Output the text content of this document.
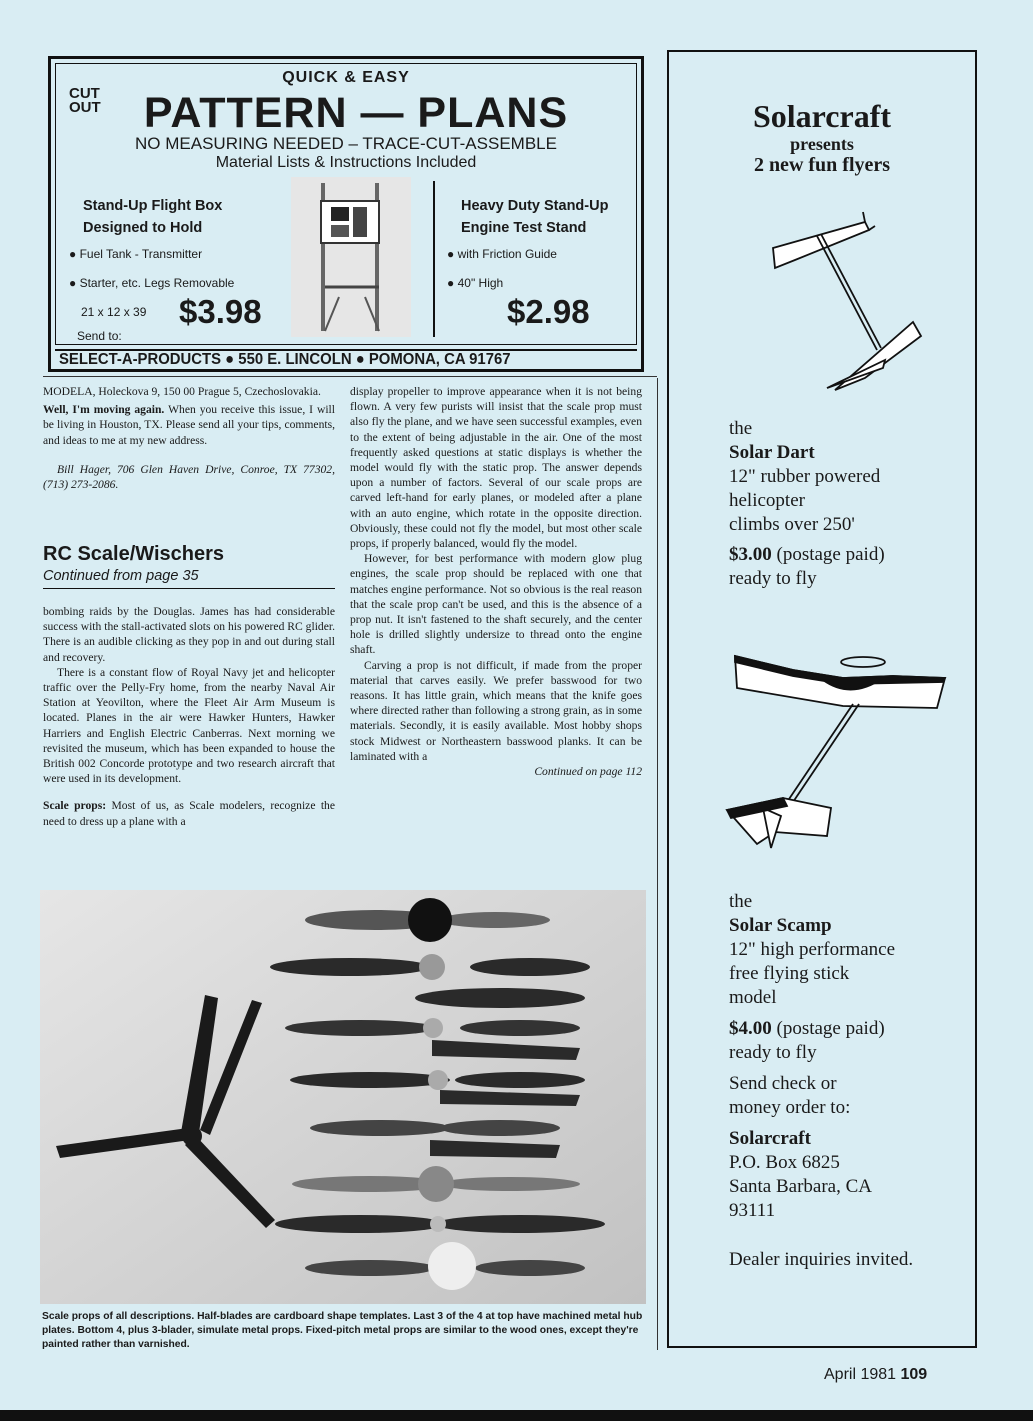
QUICK & EASY
CUT
OUT	PATTERN — PLANS
NO MEASURING NEEDED – TRACE-CUT-ASSEMBLE
Material Lists & Instructions Included
Stand-Up Flight Box
Designed to Hold
● Fuel Tank - Transmitter
● Starter, etc. Legs Removable
21 x 12 x 39 $3.98
Send to:
Heavy Duty Stand-Up
Engine Test Stand
● with Friction Guide
● 40" High
$2.98
SELECT-A-PRODUCTS ● 550 E. LINCOLN ● POMONA, CA 91767

MODELA, Holeckova 9, 150 00 Prague 5, Czechoslovakia.

Well, I'm moving again. When you receive this issue, I will be living in Houston, TX. Please send all your tips, comments, and ideas to me at my new address.

Bill Hager, 706 Glen Haven Drive, Conroe, TX 77302, (713) 273-2086.

RC Scale/Wischers
Continued from page 35

bombing raids by the Douglas. James has had considerable success with the stall-activated slots on his powered RC glider. There is an audible clicking as they pop in and out during stall and recovery.

There is a constant flow of Royal Navy jet and helicopter traffic over the Pelly-Fry home, from the nearby Naval Air Station at Yeovilton, where the Fleet Air Arm Museum is located. Planes in the air were Hawker Hunters, Hawker Harriers and English Electric Canberras. Next morning we revisited the museum, which has been expanded to house the British 002 Concorde prototype and two research aircraft that were used in its development.

Scale props: Most of us, as Scale modelers, recognize the need to dress up a plane with a

display propeller to improve appearance when it is not being flown. A very few purists will insist that the scale prop must also fly the plane, and we have seen successful examples, even to the extent of being adjustable in the air. One of the most frequently asked questions at static displays is whether the model would fly with the static prop. The answer depends upon a number of factors. Several of our scale props are carved left-hand for early planes, or modeled after a plane with an auto engine, which rotate in the opposite direction. Obviously, these could not fly the model, but most other scale props, if properly balanced, would fly the model.

However, for best performance with modern glow plug engines, the scale prop should be replaced with one that matches engine performance. Not so obvious is the real reason that the scale prop can't be used, and this is the absence of a prop nut. It isn't fastened to the shaft securely, and the center hole is drilled slightly undersize to thread onto the engine shaft.

Carving a prop is not difficult, if made from the proper material that carves easily. We prefer basswood for two reasons. It has little grain, which means that the knife goes where directed rather than following a strong grain, as in some materials. Secondly, it is easily available. Most hobby shops stock Midwest or Northeastern basswood planks. It can be laminated with a

Continued on page 112

Scale props of all descriptions. Half-blades are cardboard shape templates. Last 3 of the 4 at top have machined metal hub plates. Bottom 4, plus 3-blader, simulate metal props. Fixed-pitch metal props are similar to the wood ones, except they're painted rather than varnished.
Solarcraft
presents
2 new fun flyers
the
Solar Dart
12" rubber powered
helicopter
climbs over 250'
$3.00 (postage paid)
ready to fly
the
Solar Scamp
12" high performance
free flying stick
model
$4.00 (postage paid)
ready to fly
Send check or
money order to:
Solarcraft
P.O. Box 6825
Santa Barbara, CA
93111
Dealer inquiries invited.
April 1981 109
